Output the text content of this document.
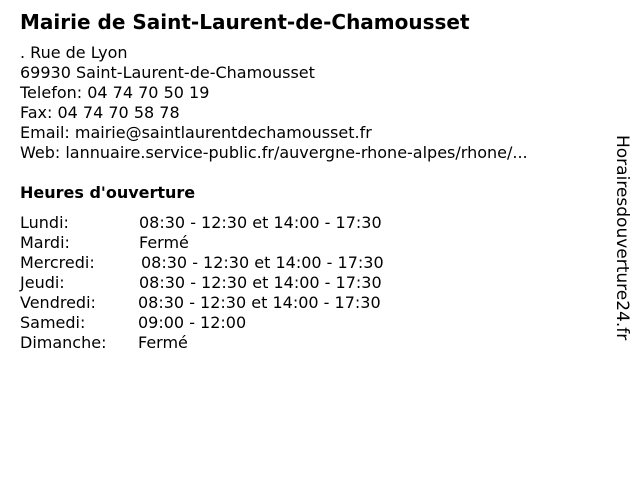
Mairie de Saint-Laurent-de-Chamousset
. Rue de Lyon
69930 Saint-Laurent-de-Chamousset
Telefon: 04 74 70 50 19
Fax: 04 74 70 58 78
Email: mairie@saintlaurentdechamousset.fr
Web: lannuaire.service-public.fr/auvergne-rhone-alpes/rhone/...
Heures d'ouverture
Lundi:	08:30 - 12:30 et 14:00 - 17:30
Mardi:	Fermé
Mercredi:	08:30 - 12:30 et 14:00 - 17:30
Jeudi:	08:30 - 12:30 et 14:00 - 17:30
Vendredi:	08:30 - 12:30 et 14:00 - 17:30
Samedi:	09:00 - 12:00
Dimanche: Fermé
Horairesdouverture24.fr
